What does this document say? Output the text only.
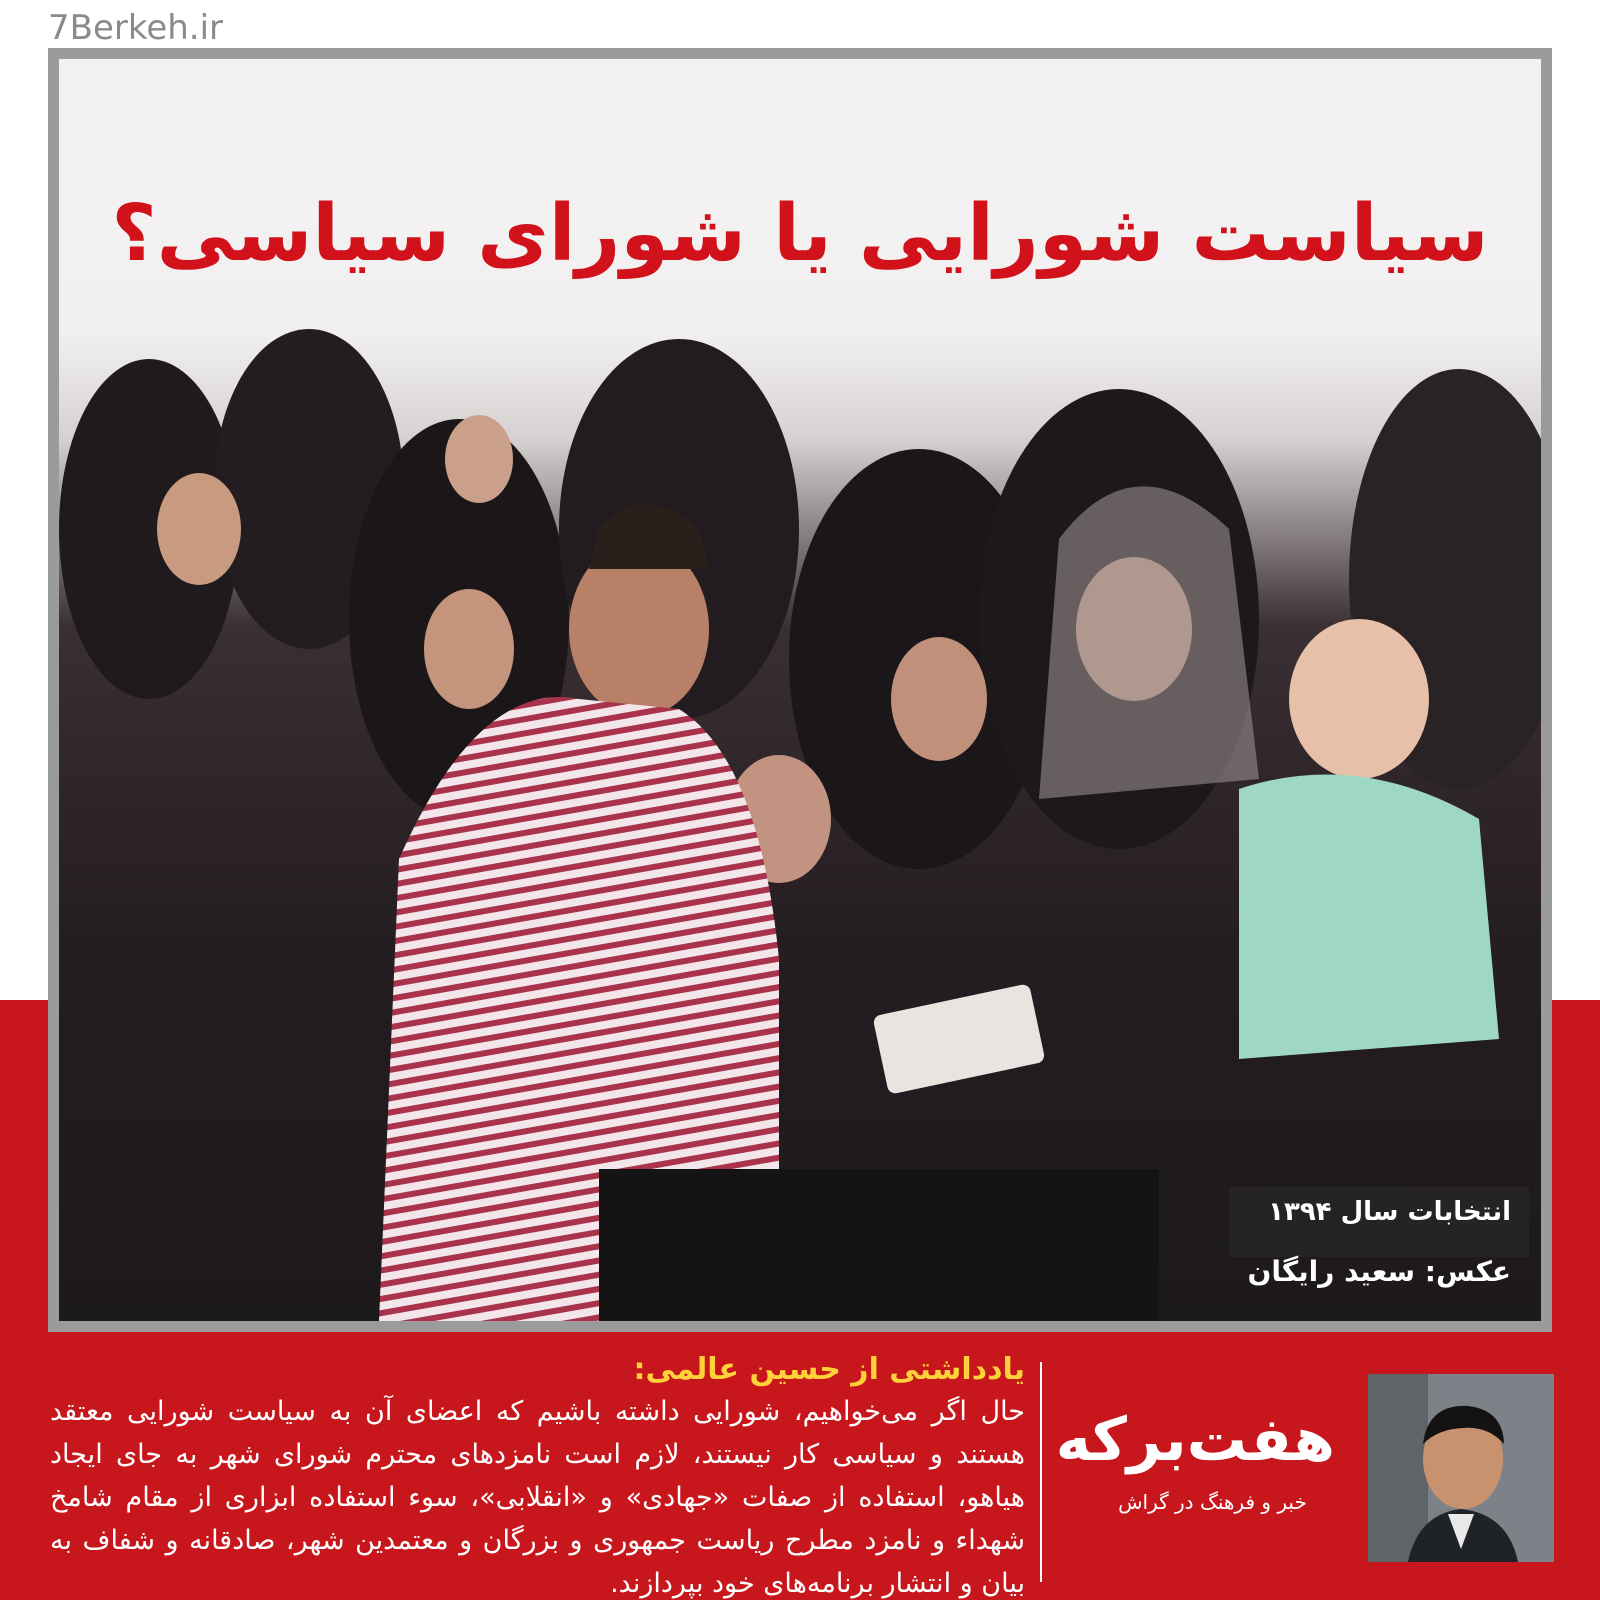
7Berkeh.ir
سیاست شورایی یا شورای سیاسی؟
انتخابات سال ۱۳۹۴
عکس: سعید رایگان
یادداشتی از حسین عالمی:
حال اگر می‌خواهیم، شورایی داشته باشیم که اعضای آن به سیاست شورایی معتقد هستند و سیاسی کار نیستند، لازم است نامزدهای محترم شورای شهر به جای ایجاد هیاهو، استفاده از صفات «جهادی» و «انقلابی»، سوء استفاده ابزاری از مقام شامخ شهداء و نامزد مطرح ریاست جمهوری و بزرگان و معتمدین شهر، صادقانه و شفاف به بیان و انتشار برنامه‌های خود بپردازند.
هفت‌برکه
خبر و فرهنگ در گراش
